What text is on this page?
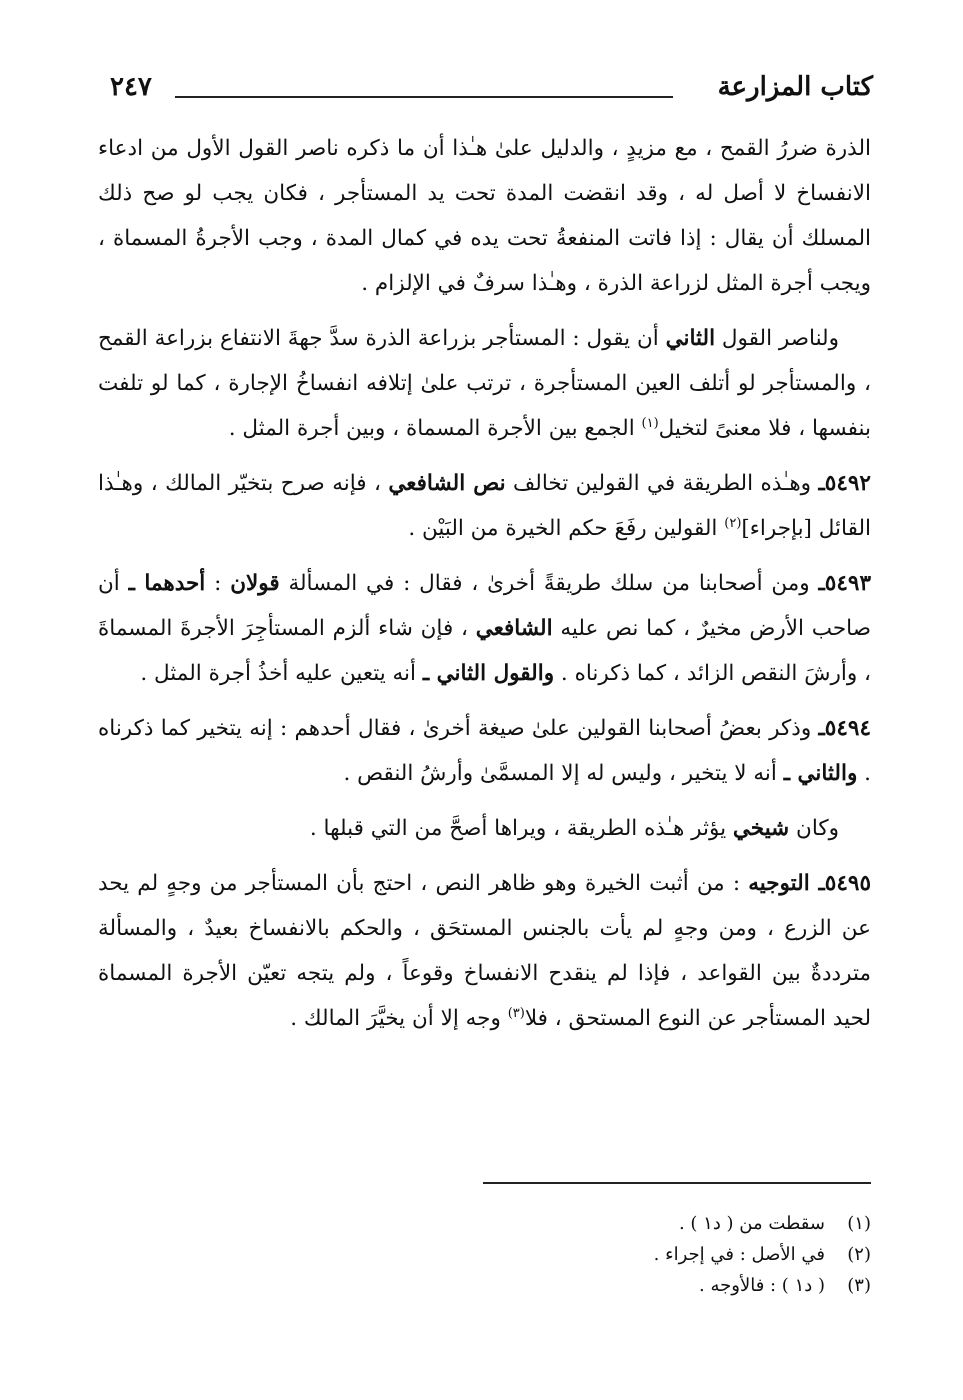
كتاب المزارعة
٢٤٧

الذرة ضررُ القمح ، مع مزيدٍ ، والدليل علىٰ هـٰذا أن ما ذكره ناصر القول الأول من ادعاء الانفساخ لا أصل له ، وقد انقضت المدة تحت يد المستأجر ، فكان يجب لو صح ذلك المسلك أن يقال : إذا فاتت المنفعةُ تحت يده في كمال المدة ، وجب الأجرةُ المسماة ، ويجب أجرة المثل لزراعة الذرة ، وهـٰذا سرفٌ في الإلزام .

ولناصر القول الثاني أن يقول : المستأجر بزراعة الذرة سدَّ جهةَ الانتفاع بزراعة القمح ، والمستأجر لو أتلف العين المستأجرة ، ترتب علىٰ إتلافه انفساخُ الإجارة ، كما لو تلفت بنفسها ، فلا معنىً لتخيل$^{(١)}$ الجمع بين الأجرة المسماة ، وبين أجرة المثل .

٥٤٩٢ـ وهـٰذه الطريقة في القولين تخالف نص الشافعي ، فإنه صرح بتخيّر المالك ، وهـٰذا القائل [بإجراء]$^{(٢)}$ القولين رفَعَ حكم الخيرة من البَيْن .

٥٤٩٣ـ ومن أصحابنا من سلك طريقةً أخرىٰ ، فقال : في المسألة قولان : أحدهما ـ أن صاحب الأرض مخيرٌ ، كما نص عليه الشافعي ، فإن شاء ألزم المستأجِرَ الأجرةَ المسماةَ ، وأرشَ النقص الزائد ، كما ذكرناه . والقول الثاني ـ أنه يتعين عليه أخذُ أجرة المثل .

٥٤٩٤ـ وذكر بعضُ أصحابنا القولين علىٰ صيغة أخرىٰ ، فقال أحدهم : إنه يتخير كما ذكرناه . والثاني ـ أنه لا يتخير ، وليس له إلا المسمَّىٰ وأرشُ النقص .

وكان شيخي يؤثر هـٰذه الطريقة ، ويراها أصحَّ من التي قبلها .

٥٤٩٥ـ التوجيه : من أثبت الخيرة وهو ظاهر النص ، احتج بأن المستأجر من وجهٍ لم يحد عن الزرع ، ومن وجهٍ لم يأت بالجنس المستحَق ، والحكم بالانفساخ بعيدٌ ، والمسألة مترددةٌ بين القواعد ، فإذا لم ينقدح الانفساخ وقوعاً ، ولم يتجه تعيّن الأجرة المسماة لحيد المستأجر عن النوع المستحق ، فلا$^{(٣)}$ وجه إلا أن يخيَّرَ المالك .

(١)سقطت من ( د١ ) .
(٢)في الأصل : في إجراء .
(٣)( د١ ) : فالأوجه .
